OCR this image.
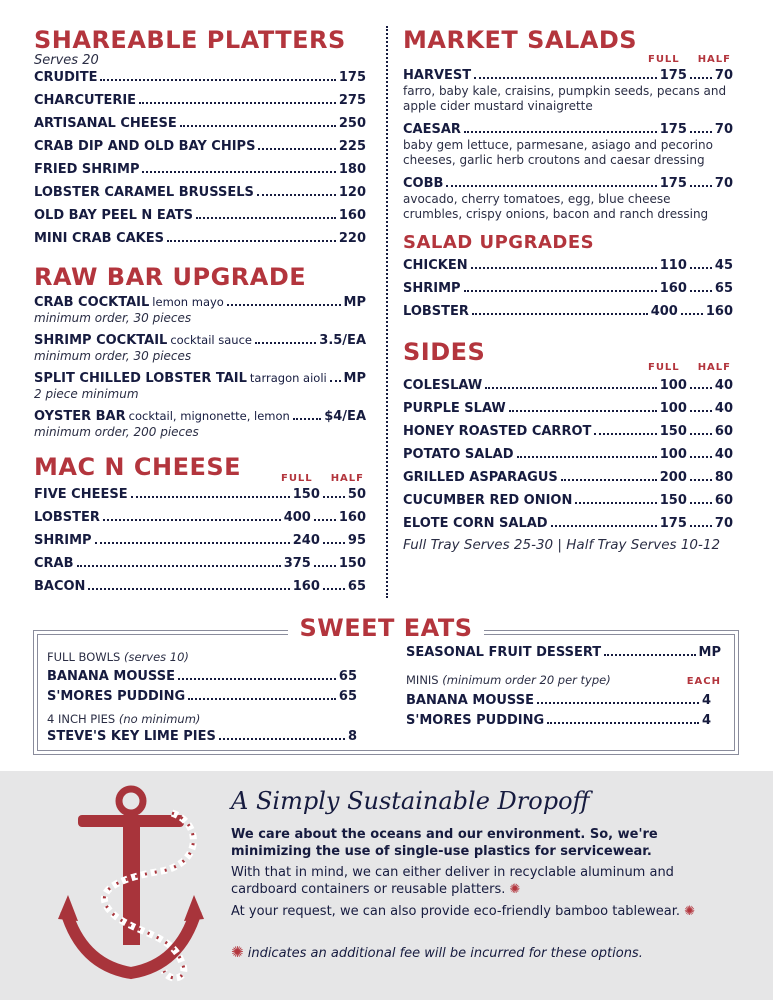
SHAREABLE PLATTERS
Serves 20
CRUDITE	175
CHARCUTERIE	275
ARTISANAL CHEESE	250
CRAB DIP AND OLD BAY CHIPS	225
FRIED SHRIMP	180
LOBSTER CARAMEL BRUSSELS	120
OLD BAY PEEL N EATS	160
MINI CRAB CAKES	220
RAW BAR UPGRADE
CRAB COCKTAIL lemon mayo	MP
minimum order, 30 pieces
SHRIMP COCKTAIL cocktail sauce	3.5/EA
minimum order, 30 pieces
SPLIT CHILLED LOBSTER TAIL tarragon aioli MP
2 piece minimum
OYSTER BAR cocktail, mignonette, lemon	$4/EA
minimum order, 200 pieces
MAC N CHEESE	FULL HALF
FIVE CHEESE	150 50
LOBSTER	400 160
SHRIMP	240 95
CRAB	375 150
BACON	160 65
MARKET SALADS
FULL HALF
HARVEST	175 70
farro, baby kale, craisins, pumpkin seeds, pecans and apple cider mustard vinaigrette
CAESAR	175 70
baby gem lettuce, parmesane, asiago and pecorino cheeses, garlic herb croutons and caesar dressing
COBB	175 70
avocado, cherry tomatoes, egg, blue cheese crumbles, crispy onions, bacon and ranch dressing
SALAD UPGRADES
CHICKEN	110 45
SHRIMP	160 65
LOBSTER	400 160
SIDES
FULL HALF
COLESLAW	100 40
PURPLE SLAW	100 40
HONEY ROASTED CARROT	150 60
POTATO SALAD	100 40
GRILLED ASPARAGUS	200 80
CUCUMBER RED ONION	150 60
ELOTE CORN SALAD	175 70
Full Tray Serves 25-30 | Half Tray Serves 10-12
SWEET EATS
FULL BOWLS (serves 10)
BANANA MOUSSE	65
S'MORES PUDDING	65
4 INCH PIES (no minimum)
STEVE'S KEY LIME PIES	8
SEASONAL FRUIT DESSERT	MP
MINIS (minimum order 20 per type)	EACH
BANANA MOUSSE	4
S'MORES PUDDING	4
A Simply Sustainable Dropoff
We care about the oceans and our environment. So, we're minimizing the use of single-use plastics for servicewear.
With that in mind, we can either deliver in recyclable aluminum and cardboard containers or reusable platters. ✺
At your request, we can also provide eco-friendly bamboo tablewear. ✺
✺ indicates an additional fee will be incurred for these options.
